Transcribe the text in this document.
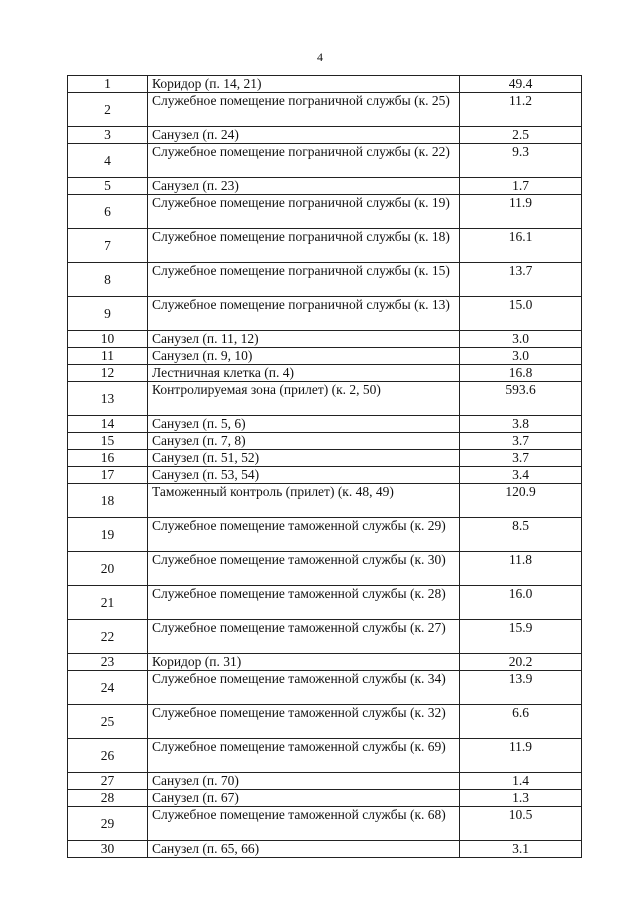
4
1	Коридор (п. 14, 21)	49.4
2	Служебное помещение пограничной службы (к. 25)	11.2
3	Санузел (п. 24)	2.5
4	Служебное помещение пограничной службы (к. 22)	9.3
5	Санузел (п. 23)	1.7
6	Служебное помещение пограничной службы (к. 19)	11.9
7	Служебное помещение пограничной службы (к. 18)	16.1
8	Служебное помещение пограничной службы (к. 15)	13.7
9	Служебное помещение пограничной службы (к. 13)	15.0
10	Санузел (п. 11, 12)	3.0
11	Санузел (п. 9, 10)	3.0
12	Лестничная клетка (п. 4)	16.8
13	Контролируемая зона (прилет) (к. 2, 50)	593.6
14	Санузел (п. 5, 6)	3.8
15	Санузел (п. 7, 8)	3.7
16	Санузел (п. 51, 52)	3.7
17	Санузел (п. 53, 54)	3.4
18	Таможенный контроль (прилет) (к. 48, 49)	120.9
19	Служебное помещение таможенной службы (к. 29)	8.5
20	Служебное помещение таможенной службы (к. 30)	11.8
21	Служебное помещение таможенной службы (к. 28)	16.0
22	Служебное помещение таможенной службы (к. 27)	15.9
23	Коридор (п. 31)	20.2
24	Служебное помещение таможенной службы (к. 34)	13.9
25	Служебное помещение таможенной службы (к. 32)	6.6
26	Служебное помещение таможенной службы (к. 69)	11.9
27	Санузел (п. 70)	1.4
28	Санузел (п. 67)	1.3
29	Служебное помещение таможенной службы (к. 68)	10.5
30	Санузел (п. 65, 66)	3.1
